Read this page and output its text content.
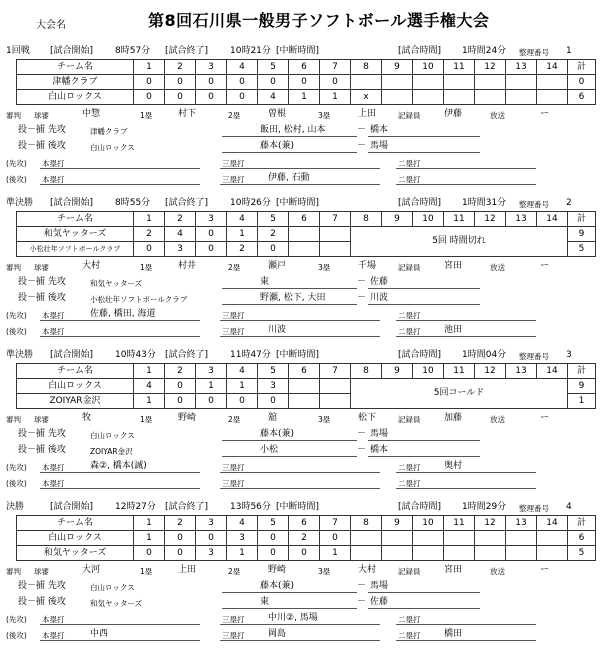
大会名	第8回石川県一般男子ソフトボール選手権大会
1回戦 [試合開始] 8時57分 [試合終了] 10時21分 [中断時間]	[試合時間] 1時間24分 整理番号 1
チーム名	1	2	3	4	5	6	7	8	9	10	11	12	13	14	計
津幡クラブ	0	0	0	0	0	0	0								0
白山ロックス	0	0	0	0	4	1	1	x							6
審判 球審	中惣	1塁	村下	2塁	曽根	3塁	上田	記録員	伊藤	放送	ー
投－捕 先攻	津幡クラブ	飯田, 松村, 山本	－ 橋本
投－捕 後攻	白山ロックス	藤本(兼)	－ 馬場
(先攻) 本塁打	三塁打	二塁打
(後攻) 本塁打	三塁打	伊藤, 石動	二塁打
準決勝 [試合開始] 8時55分 [試合終了] 10時26分 [中断時間]	[試合時間] 1時間31分 整理番号 2
チーム名	1	2	3	4	5	6	7	8	9	10	11	12	13	14	計
和気ヤッターズ	2	4	0	1	2			5回 時間切れ							9
小松壮年ソフトボールクラブ	0	3	0	2	0										5
審判 球審	大村	1塁	村井	2塁	瀬戸	3塁	千場	記録員	宮田	放送	ー
投－捕 先攻	和気ヤッターズ	東	－ 佐藤
投－捕 後攻	小松壮年ソフトボールクラブ	野瀬, 松下, 大田	－ 川波
(先攻) 本塁打	佐藤, 橋田, 海道	三塁打	二塁打
(後攻) 本塁打	三塁打	川波	二塁打	池田
準決勝 [試合開始] 10時43分 [試合終了] 11時47分 [中断時間]	[試合時間] 1時間04分 整理番号 3
チーム名	1	2	3	4	5	6	7	8	9	10	11	12	13	14	計
白山ロックス	4	0	1	1	3			5回コールド							9
ZOIYAR金沢	1	0	0	0	0										1
審判 球審	牧	1塁	野崎	2塁	舘	3塁	松下	記録員	加藤	放送	ー
投－捕 先攻	白山ロックス	藤本(兼)	－ 馬場
投－捕 後攻	ZOIYAR金沢	小松	－ 橋本
(先攻) 本塁打	森②, 橋本(誠)	三塁打	二塁打	奥村
(後攻) 本塁打	三塁打	二塁打
決勝	[試合開始] 12時27分 [試合終了] 13時56分 [中断時間]	[試合時間] 1時間29分 整理番号 4
チーム名	1	2	3	4	5	6	7	8	9	10	11	12	13	14	計
白山ロックス	1	0	0	3	0	2	0								6
和気ヤッターズ	0	0	3	1	0	0	1								5
審判 球審	大河	1塁	上田	2塁	野崎	3塁	大村	記録員	宮田	放送	ー
投－捕 先攻	白山ロックス	藤本(兼)	－ 馬場
投－捕 後攻	和気ヤッターズ	東	－ 佐藤
(先攻) 本塁打	三塁打	中川②, 馬場	二塁打
(後攻) 本塁打	中西	三塁打	岡島	二塁打	橋田
